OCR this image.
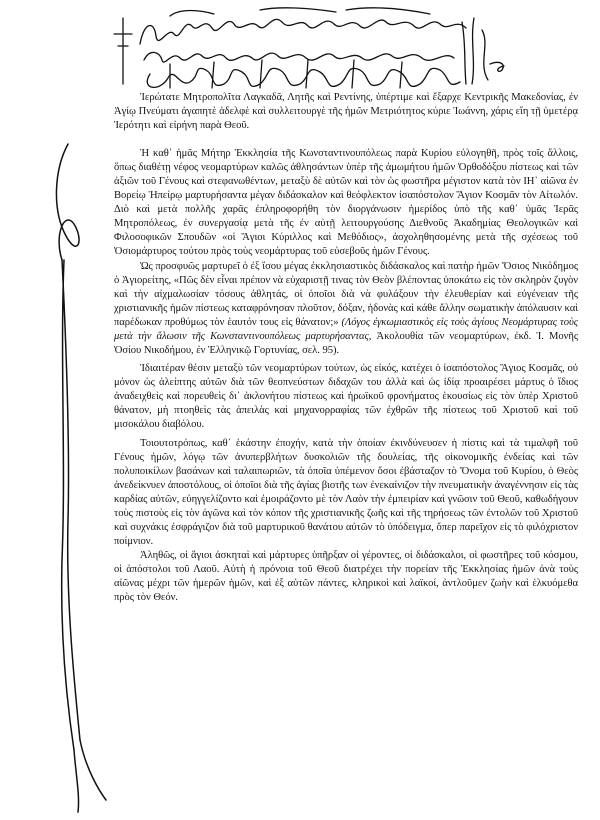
Ἱερώτατε Μητροπολῖτα Λαγκαδᾶ, Λητῆς καὶ Ρεντίνης, ὑπέρτιμε καὶ ἔξαρχε Κεντρικῆς Μακεδονίας, ἐν Ἁγίῳ Πνεύματι ἀγαπητὲ ἀδελφὲ καὶ συλλειτουργὲ τῆς ἡμῶν Μετριότητος κύριε Ἰωάννη, χάρις εἴη τῇ ὑμετέρᾳ Ἱερότητι καὶ εἰρήνη παρὰ Θεοῦ.

Ἡ καθ᾿ ἡμᾶς Μήτηρ Ἐκκλησία τῆς Κωνσταντινουπόλεως παρὰ Κυρίου εὐλογηθῆ, πρὸς τοῖς ἄλλοις, ὅπως διαθέτῃ νέφος νεομαρτύρων καλῶς ἀθλησάντων ὑπὲρ τῆς ἀμωμήτου ἡμῶν Ὀρθοδόξου πίστεως καὶ τῶν ἀξιῶν τοῦ Γένους καὶ στεφανωθέντων, μεταξὺ δὲ αὐτῶν καὶ τὸν ὡς φωστῆρα μέγιστον κατὰ τὸν ΙΗ᾿ αἰῶνα ἐν Βορείῳ Ἠπείρῳ μαρτυρήσαντα μέγαν διδάσκαλον καὶ θεόφλεκτον ἰσαπόστολον Ἅγιον Κοσμᾶν τὸν Αἰτωλόν. Διὸ καὶ μετὰ πολλῆς χαρᾶς ἐπληροφορήθη τὸν διοργάνωσιν ἡμερίδος ὑπὸ τῆς καθ᾿ ὑμᾶς Ἱερᾶς Μητροπόλεως, ἐν συνεργασίᾳ μετὰ τῆς ἐν αὐτῇ λειτουργούσης Διεθνοῦς Ἀκαδημίας Θεολογικῶν καὶ Φιλοσοφικῶν Σπουδῶν «οἱ Ἅγιοι Κύριλλος καὶ Μεθόδιος», ἀσχοληθησομένης μετὰ τῆς σχέσεως τοῦ Ὁσιομάρτυρος τούτου πρὸς τοὺς νεομάρτυρας τοῦ εὐσεβοῦς ἡμῶν Γένους.

Ὡς προσφυῶς μαρτυρεῖ ὁ ἐξ ἴσου μέγας ἐκκλησιαστικὸς διδάσκαλος καὶ πατὴρ ἡμῶν Ὅσιος Νικόδημος ὁ Ἁγιορείτης, «Πῶς δὲν εἶναι πρέπον νὰ εὐχαριστῇ τινας τὸν Θεὸν βλέποντας ὑποκάτω εἰς τὸν σκληρὸν ζυγὸν καὶ τὴν αἰχμαλωσίαν τόσους ἀθλητάς, οἱ ὁποῖοι διὰ νὰ φυλάξουν τὴν ἐλευθερίαν καὶ εὐγένειαν τῆς χριστιανικῆς ἡμῶν πίστεως καταφρόνησαν πλοῦτον, δόξαν, ἡδονὰς καὶ κάθε ἄλλην σωματικὴν ἀπόλαυσιν καὶ παρέδωκαν προθύμως τὸν ἑαυτόν τους εἰς θάνατον;» (Λόγος ἐγκωμιαστικὸς εἰς τοὺς ἁγίους Νεομάρτυρας τοὺς μετὰ τὴν ἅλωσιν τῆς Κωνσταντινουπόλεως μαρτυρήσαντας, Ἀκολουθία τῶν νεομαρτύρων, ἐκδ. Ἱ. Μονῆς Ὁσίου Νικοδήμου, ἐν Ἑλληνικῷ Γορτυνίας, σελ. 95).

Ἰδιαιτέραν θέσιν μεταξὺ τῶν νεομαρτύρων τούτων, ὡς εἰκός, κατέχει ὁ ἰσαπόστολος Ἅγιος Κοσμᾶς, οὐ μόνον ὡς ἀλείπτης αὐτῶν διὰ τῶν θεοπνεύστων διδαχῶν του ἀλλὰ καὶ ὡς ἰδίᾳ προαιρέσει μάρτυς ὁ ἴδιος ἀναδειχθεὶς καὶ πορευθεὶς δι᾿ ἀκλονήτου πίστεως καὶ ἡρωϊκοῦ φρονήματος ἑκουσίως εἰς τὸν ὑπὲρ Χριστοῦ θάνατον, μὴ πτοηθεὶς τὰς ἀπειλὰς καὶ μηχανορραφίας τῶν ἐχθρῶν τῆς πίστεως τοῦ Χριστοῦ καὶ τοῦ μισοκάλου διαβόλου.

Τοιουτοτρόπως, καθ᾿ ἑκάστην ἐποχήν, κατὰ τὴν ὁποίαν ἐκινδύνευσεν ἡ πίστις καὶ τὰ τιμαλφῆ τοῦ Γένους ἡμῶν, λόγῳ τῶν ἀνυπερβλήτων δυσκολιῶν τῆς δουλείας, τῆς οἰκονομικῆς ἐνδείας καὶ τῶν πολυποικίλων βασάνων καὶ ταλαιπωριῶν, τὰ ὁποῖα ὑπέμενον ὅσοι ἐβάσταζον τὸ Ὄνομα τοῦ Κυρίου, ὁ Θεὸς ἀνεδείκνυεν ἀποστόλους, οἱ ὁποῖοι διὰ τῆς ἁγίας βιοτῆς των ἐνεκαίνιζον τὴν πνευματικὴν ἀναγέννησιν εἰς τὰς καρδίας αὐτῶν, εὐηγγελίζοντο καὶ ἐμοιράζοντο μὲ τὸν Λαὸν τὴν ἐμπειρίαν καὶ γνῶσιν τοῦ Θεοῦ, καθωδήγουν τοὺς πιστοὺς εἰς τὸν ἀγῶνα καὶ τὸν κόπον τῆς χριστιανικῆς ζωῆς καὶ τῆς τηρήσεως τῶν ἐντολῶν τοῦ Χριστοῦ καὶ συχνάκις ἐσφράγιζον διὰ τοῦ μαρτυρικοῦ θανάτου αὐτῶν τὸ ὑπόδειγμα, ὅπερ παρεῖχον εἰς τὸ φιλόχριστον ποίμνιον.

Ἀληθῶς, οἱ ἅγιοι ἀσκηταὶ καὶ μάρτυρες ὑπῆρξαν οἱ γέροντες, οἱ διδάσκαλοι, οἱ φωστῆρες τοῦ κόσμου, οἱ ἀπόστολοι τοῦ Λαοῦ. Αὐτὴ ἡ πρόνοια τοῦ Θεοῦ διατρέχει τὴν πορείαν τῆς Ἐκκλησίας ἡμῶν ἀνὰ τοὺς αἰῶνας μέχρι τῶν ἡμερῶν ἡμῶν, καὶ ἐξ αὐτῶν πάντες, κληρικοὶ καὶ λαϊκοί, ἀντλοῦμεν ζωὴν καὶ ἑλκυόμεθα πρὸς τὸν Θεόν.
